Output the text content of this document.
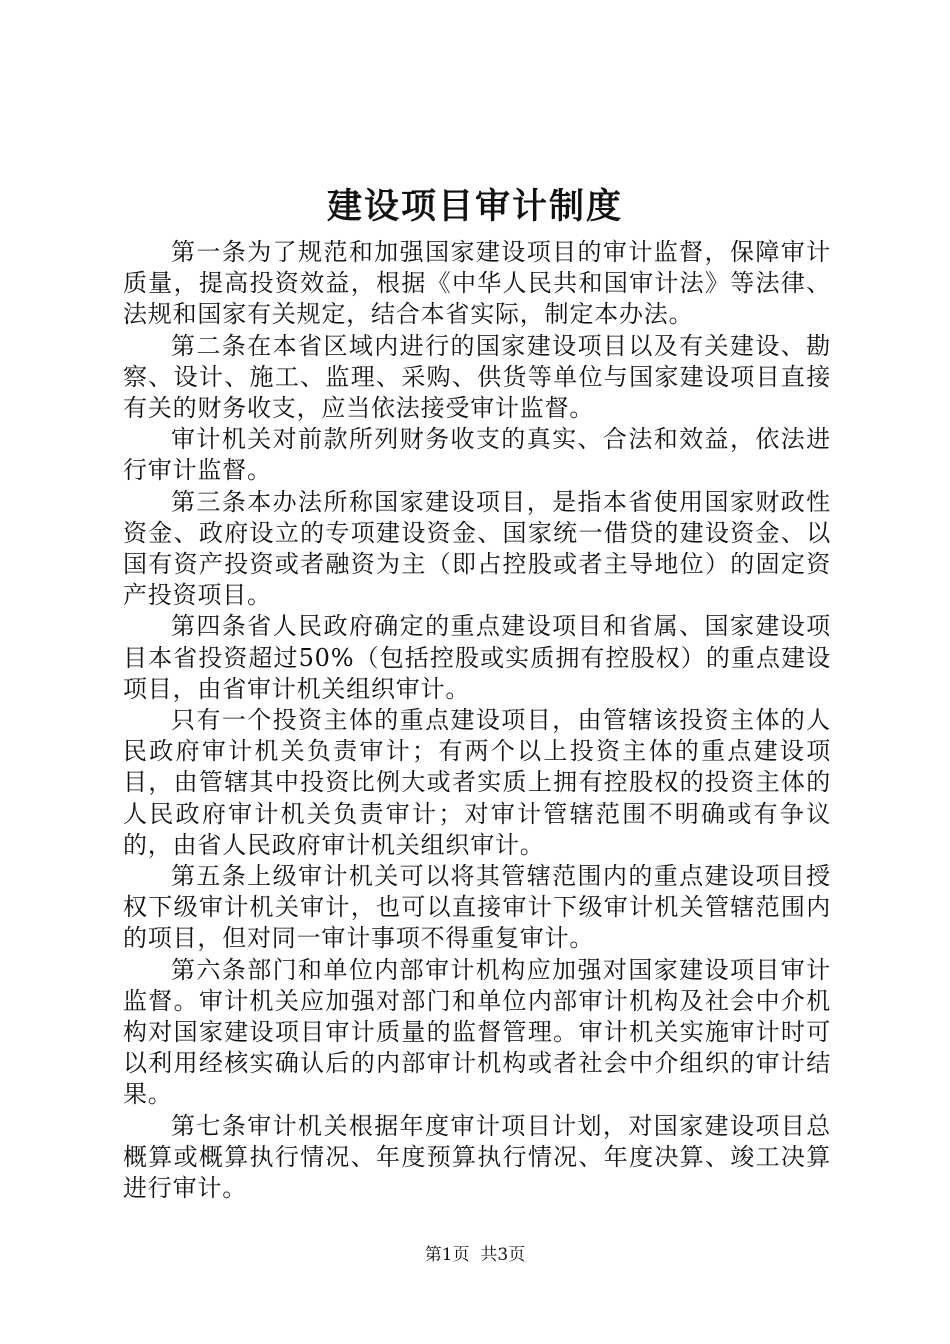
建设项目审计制度

第一条为了规范和加强国家建设项目的审计监督，保障审计质量，提高投资效益，根据《中华人民共和国审计法》等法律、法规和国家有关规定，结合本省实际，制定本办法。

第二条在本省区域内进行的国家建设项目以及有关建设、勘察、设计、施工、监理、采购、供货等单位与国家建设项目直接有关的财务收支，应当依法接受审计监督。

审计机关对前款所列财务收支的真实、合法和效益，依法进行审计监督。

第三条本办法所称国家建设项目，是指本省使用国家财政性资金、政府设立的专项建设资金、国家统一借贷的建设资金、以国有资产投资或者融资为主（即占控股或者主导地位）的固定资产投资项目。

第四条省人民政府确定的重点建设项目和省属、国家建设项目本省投资超过50%（包括控股或实质拥有控股权）的重点建设项目，由省审计机关组织审计。

只有一个投资主体的重点建设项目，由管辖该投资主体的人民政府审计机关负责审计；有两个以上投资主体的重点建设项目，由管辖其中投资比例大或者实质上拥有控股权的投资主体的人民政府审计机关负责审计；对审计管辖范围不明确或有争议的，由省人民政府审计机关组织审计。

第五条上级审计机关可以将其管辖范围内的重点建设项目授权下级审计机关审计，也可以直接审计下级审计机关管辖范围内的项目，但对同一审计事项不得重复审计。

第六条部门和单位内部审计机构应加强对国家建设项目审计监督。审计机关应加强对部门和单位内部审计机构及社会中介机构对国家建设项目审计质量的监督管理。审计机关实施审计时可以利用经核实确认后的内部审计机构或者社会中介组织的审计结果。

第七条审计机关根据年度审计项目计划，对国家建设项目总概算或概算执行情况、年度预算执行情况、年度决算、竣工决算进行审计。

第1页 共3页
